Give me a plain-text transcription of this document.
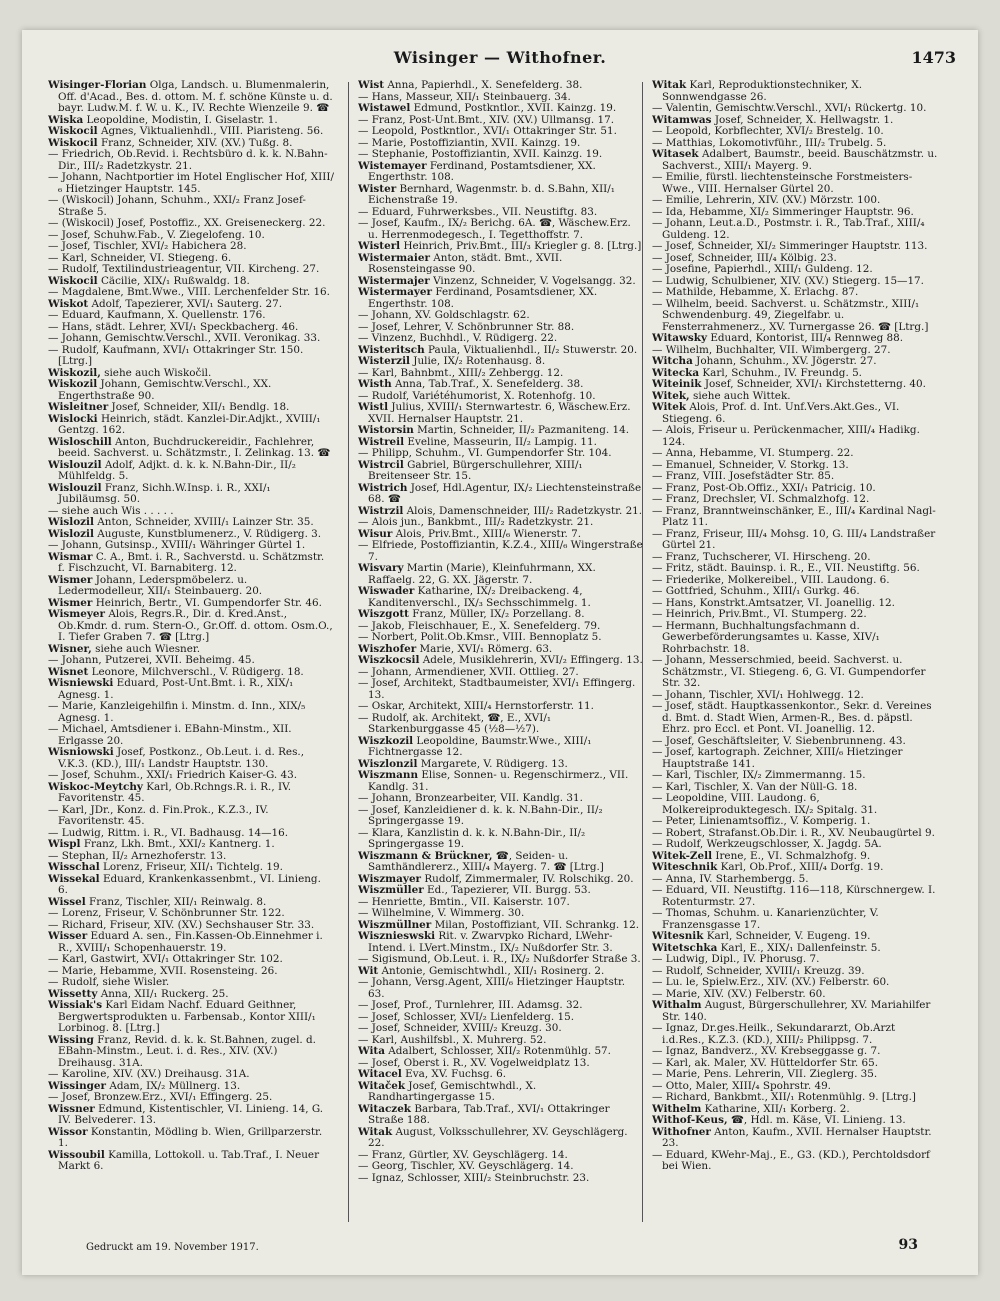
Wisinger — Withofner.	1473

Wisinger-Florian Olga, Landsch. u. Blumenmalerin, Off. d'Acad., Bes. d. ottom. M. f. schöne Künste u. d. bayr. Ludw.M. f. W. u. K., IV. Rechte Wienzeile 9. ☎

Wiska Leopoldine, Modistin, I. Giselastr. 1.

Wiskocil Agnes, Viktualienhdl., VIII. Piaristeng. 56.

Wiskocil Franz, Schneider, XIV. (XV.) Tußg. 8.

— Friedrich, Ob.Revid. i. Rechtsbüro d. k. k. N.Bahn-Dir., III/₂ Radetzkystr. 21.

— Johann, Nachtportier im Hotel Englischer Hof, XIII/₆ Hietzinger Hauptstr. 145.

— (Wiskocil) Johann, Schuhm., XXI/₂ Franz Josef-Straße 5.

— (Wiskocil) Josef, Postoffiz., XX. Greiseneckerg. 22.

— Josef, Schuhw.Fab., V. Ziegelofeng. 10.

— Josef, Tischler, XVI/₂ Habichera 28.

— Karl, Schneider, VI. Stiegeng. 6.

— Rudolf, Textilindustrieagentur, VII. Kircheng. 27.

Wiskocil Cäcilie, XIX/₁ Rußwaldg. 18.

— Magdalene, Bmt.Wwe., VIII. Lerchenfelder Str. 16.

Wiskot Adolf, Tapezierer, XVI/₁ Sauterg. 27.

— Eduard, Kaufmann, X. Quellenstr. 176.

— Hans, städt. Lehrer, XVI/₁ Speckbacherg. 46.

— Johann, Gemischtw.Verschl., XVII. Veronikag. 33.

— Rudolf, Kaufmann, XVI/₁ Ottakringer Str. 150. [Ltrg.]

Wiskozil, siehe auch Wiskočil.

Wiskozil Johann, Gemischtw.Verschl., XX. Engerthstraße 90.

Wisleitner Josef, Schneider, XII/₁ Bendlg. 18.

Wislocki Heinrich, städt. Kanzlei-Dir.Adjkt., XVIII/₁ Gentzg. 162.

Wisloschill Anton, Buchdruckereidir., Fachlehrer, beeid. Sachverst. u. Schätzmstr., I. Zelinkag. 13. ☎

Wislouzil Adolf, Adjkt. d. k. k. N.Bahn-Dir., II/₂ Mühlfeldg. 5.

Wislouzil Franz, Sichh.W.Insp. i. R., XXI/₁ Jubiläumsg. 50.

— siehe auch Wis . . . . .

Wislozil Anton, Schneider, XVIII/₁ Lainzer Str. 35.

Wislozil Auguste, Kunstblumenerz., V. Rüdigerg. 3.

— Johann, Gutsinsp., XVIII/₁ Währinger Gürtel 1.

Wismar C. A., Bmt. i. R., Sachverstd. u. Schätzmstr. f. Fischzucht, VI. Barnabiterg. 12.

Wismer Johann, Lederspmöbelerz. u. Ledermodelleur, XII/₁ Steinbauerg. 20.

Wismer Heinrich, Bertr., VI. Gumpendorfer Str. 46.

Wismeyer Alois, Regrs.R., Dir. d. Kred.Anst., Ob.Kmdr. d. rum. Stern-O., Gr.Off. d. ottom. Osm.O., I. Tiefer Graben 7. ☎ [Ltrg.]

Wisner, siehe auch Wiesner.

— Johann, Putzerei, XVII. Beheimg. 45.

Wisnet Leonore, Milchverschl., V. Rüdigerg. 18.

Wisniewski Eduard, Post-Unt.Bmt. i. R., XIX/₁ Agnesg. 1.

— Marie, Kanzleigehilfin i. Minstm. d. Inn., XIX/₅ Agnesg. 1.

— Michael, Amtsdiener i. EBahn-Minstm., XII. Erlgasse 20.

Wisniowski Josef, Postkonz., Ob.Leut. i. d. Res., V.K.3. (KD.), III/₁ Landstr Hauptstr. 130.

— Josef, Schuhm., XXI/₁ Friedrich Kaiser-G. 43.

Wiskoc-Meytchy Karl, Ob.Rchngs.R. i. R., IV. Favoritenstr. 45.

— Karl, JDr., Konz. d. Fin.Prok., K.Z.3., IV. Favoritenstr. 45.

— Ludwig, Rittm. i. R., VI. Badhausg. 14—16.

Wispl Franz, Lkh. Bmt., XXI/₂ Kantnerg. 1.

— Stephan, II/₂ Arnezhoferstr. 13.

Wisschal Lorenz, Friseur, XII/₁ Tichtelg. 19.

Wissekal Eduard, Krankenkassenbmt., VI. Linieng. 6.

Wissel Franz, Tischler, XII/₁ Reinwalg. 8.

— Lorenz, Friseur, V. Schönbrunner Str. 122.

— Richard, Friseur, XIV. (XV.) Sechshauser Str. 33.

Wisser Eduard A. sen., Fin.Kassen-Ob.Einnehmer i. R., XVIII/₁ Schopenhauerstr. 19.

— Karl, Gastwirt, XVI/₁ Ottakringer Str. 102.

— Marie, Hebamme, XVII. Rosensteing. 26.

— Rudolf, siehe Wisler.

Wissetty Anna, XII/₁ Ruckerg. 25.

Wissiak's Karl Eidam Nachf. Eduard Geithner, Bergwertsprodukten u. Farbensab., Kontor XIII/₁ Lorbinog. 8. [Ltrg.]

Wissing Franz, Revid. d. k. k. St.Bahnen, zugel. d. EBahn-Minstm., Leut. i. d. Res., XIV. (XV.) Dreihausg. 31A.

— Karoline, XIV. (XV.) Dreihausg. 31A.

Wissinger Adam, IX/₂ Müllnerg. 13.

— Josef, Bronzew.Erz., XVI/₁ Effingerg. 25.

Wissner Edmund, Kistentischler, VI. Linieng. 14, G. IV. Belvederег. 13.

Wissor Konstantin, Mödling b. Wien, Grillparzerstr. 1.

Wissoubil Kamilla, Lottokoll. u. Tab.Traf., I. Neuer Markt 6.

Wist Anna, Papierhdl., X. Senefelderg. 38.

— Hans, Masseur, XII/₁ Steinbauerg. 34.

Wistawel Edmund, Postkntlor., XVII. Kainzg. 19.

— Franz, Post-Unt.Bmt., XIV. (XV.) Ullmansg. 17.

— Leopold, Postkntlor., XVI/₁ Ottakringer Str. 51.

— Marie, Postoffiziantin, XVII. Kainzg. 19.

— Stephanie, Postoffiziantin, XVII. Kainzg. 19.

Wistemayer Ferdinand, Postamtsdiener, XX. Engerthstr. 108.

Wister Bernhard, Wagenmstr. b. d. S.Bahn, XII/₁ Eichenstraße 19.

— Eduard, Fuhrwerksbes., VII. Neustiftg. 83.

— Josef, Kaufm., IX/₂ Berichg. 6A. ☎, Wäschew.Erz. u. Herrenmodegesch., I. Tegetthoffstr. 7.

Wisterl Heinrich, Priv.Bmt., III/₃ Kriegler g. 8. [Ltrg.]

Wistermaier Anton, städt. Bmt., XVII. Rosensteingasse 90.

Wistermajer Vinzenz, Schneider, V. Vogelsangg. 32.

Wistermayer Ferdinand, Posamtsdiener, XX. Engerthstr. 108.

— Johann, XV. Goldschlagstr. 62.

— Josef, Lehrer, V. Schönbrunner Str. 88.

— Vinzenz, Buchhdl., V. Rüdigerg. 22.

Wisteritsch Paula, Viktualienhdl., II/₂ Stuwerstr. 20.

Wisterzil Julie, IX/₂ Rotenhausg. 8.

— Karl, Bahnbmt., XIII/₂ Zehbergg. 12.

Wisth Anna, Tab.Traf., X. Senefelderg. 38.

— Rudolf, Variétéhumorist, X. Rotenhofg. 10.

Wistl Julius, XVIII/₁ Sternwartestr. 6, Wäschew.Erz. XVII. Hernalser Hauptstr. 21.

Wistorsin Martin, Schneider, II/₂ Pazmaniteng. 14.

Wistreil Eveline, Masseurin, II/₂ Lampig. 11.

— Philipp, Schuhm., VI. Gumpendorfer Str. 104.

Wistrcil Gabriel, Bürgerschullehrer, XIII/₁ Breitenseer Str. 15.

Wistrich Josef, Hdl.Agentur, IX/₂ Liechtensteinstraße 68. ☎

Wistrzil Alois, Damenschneider, III/₂ Radetzkystr. 21.

— Alois jun., Bankbmt., III/₂ Radetzkystr. 21.

Wisur Alois, Priv.Bmt., XIII/₆ Wienerstr. 7.

— Elfriede, Postoffiziantin, K.Z.4., XIII/₆ Wingerstraße 7.

Wisvary Martin (Marie), Kleinfuhrmann, XX. Raffaelg. 22, G. XX. Jägerstr. 7.

Wiswader Katharine, IX/₂ Dreibackeng. 4, Kanditenverschl., IX/₃ Sechsschimmelg. 1.

Wiszgott Franz, Müller, IX/₂ Porzellang. 8.

— Jakob, Fleischhauer, E., X. Senefelderg. 79.

— Norbert, Polit.Ob.Kmsr., VIII. Bennoplatz 5.

Wiszhofer Marie, XVI/₁ Römerg. 63.

Wiszkocsil Adele, Musiklehrerin, XVI/₂ Effingerg. 13.

— Johann, Armendiener, XVII. Ottlieg. 27.

— Josef, Architekt, Stadtbaumeister, XVI/₁ Effingerg. 13.

— Oskar, Architekt, XIII/₄ Hernstorferstr. 11.

— Rudolf, ak. Architekt, ☎, E., XVI/₁ Starkenburggasse 45 (½8—½7).

Wiszkozil Leopoldine, Baumstr.Wwe., XIII/₁ Fichtnergasse 12.

Wiszlonzil Margarete, V. Rüdigerg. 13.

Wiszmann Elise, Sonnen- u. Regenschirmerz., VII. Kandlg. 31.

— Johann, Bronzearbeiter, VII. Kandlg. 31.

— Josef, Kanzleidiener d. k. k. N.Bahn-Dir., II/₂ Springergasse 19.

— Klara, Kanzlistin d. k. k. N.Bahn-Dir., II/₂ Springergasse 19.

Wiszmann & Brückner, ☎, Seiden- u. Samthändlererz., XIII/₄ Mayerg. 7. ☎ [Ltrg.]

Wiszmayer Rudolf, Zimmermaler, IV. Rolschikg. 20.

Wiszmüller Ed., Tapezierer, VII. Burgg. 53.

— Henriette, Bmtin., VII. Kaiserstr. 107.

— Wilhelmine, V. Wimmerg. 30.

Wiszmüllner Milan, Postoffiziant, VII. Schrankg. 12.

Wisznieswski Rit. v. Zwarvpko Richard, LWehr-Intend. i. LVert.Minstm., IX/₂ Nußdorfer Str. 3.

— Sigismund, Ob.Leut. i. R., IX/₂ Nußdorfer Straße 3.

Wit Antonie, Gemischtwhdl., XII/₁ Rosinerg. 2.

— Johann, Versg.Agent, XIII/₆ Hietzinger Hauptstr. 63.

— Josef, Prof., Turnlehrer, III. Adamsg. 32.

— Josef, Schlosser, XVI/₂ Lienfelderg. 15.

— Josef, Schneider, XVIII/₂ Kreuzg. 30.

— Karl, Aushilfsbl., X. Muhrerg. 52.

Wita Adalbert, Schlosser, XII/₂ Rotenmühlg. 57.

— Josef, Oberst i. R., XV. Vogelweidplatz 13.

Witacel Eva, XV. Fuchsg. 6.

Witaček Josef, Gemischtwhdl., X. Randhartingergasse 15.

Witaczek Barbara, Tab.Traf., XVI/₁ Ottakringer Straße 188.

Witak August, Volksschullehrer, XV. Geyschlägerg. 22.

— Franz, Gürtler, XV. Geyschlägerg. 14.

— Georg, Tischler, XV. Geyschlägerg. 14.

— Ignaz, Schlosser, XIII/₂ Steinbruchstr. 23.

Witak Karl, Reproduktionstechniker, X. Sonnwendgasse 26.

— Valentin, Gemischtw.Verschl., XVI/₁ Rückertg. 10.

Witamwas Josef, Schneider, X. Hellwagstr. 1.

— Leopold, Korbflechter, XVI/₂ Brestelg. 10.

— Matthias, Lokomotivführ., III/₂ Trubelg. 5.

Witasek Adalbert, Baumstr., beeid. Bauschätzmstr. u. Sachverst., XIII/₁ Mayerg. 9.

— Emilie, fürstl. liechtensteinsche Forstmeisters-Wwe., VIII. Hernalser Gürtel 20.

— Emilie, Lehrerin, XIV. (XV.) Mörzstr. 100.

— Ida, Hebamme, XI/₂ Simmeringer Hauptstr. 96.

— Johann, Leut.a.D., Postmstr. i. R., Tab.Traf., XIII/₄ Guldeng. 12.

— Josef, Schneider, XI/₂ Simmeringer Hauptstr. 113.

— Josef, Schneider, III/₄ Kölbig. 23.

— Josefine, Papierhdl., XIII/₁ Guldeng. 12.

— Ludwig, Schulbiener, XIV. (XV.) Stiegerg. 15—17.

— Mathilde, Hebamme, X. Erlachg. 87.

— Wilhelm, beeid. Sachverst. u. Schätzmstr., XIII/₁ Schwendenburg. 49, Ziegelfabr. u. Fensterrahmenerz., XV. Turnergasse 26. ☎ [Ltrg.]

Witawsky Eduard, Kontorist, III/₄ Rennweg 88.

— Wilhelm, Buchhalter, VII. Wimbergerg. 27.

Witcha Johann, Schuhm., XV. Jögerstr. 27.

Witecka Karl, Schuhm., IV. Freundg. 5.

Witeinik Josef, Schneider, XVI/₁ Kirchstetterng. 40.

Witek, siehe auch Wittek.

Witek Alois, Prof. d. Int. Unf.Vers.Akt.Ges., VI. Stiegeng. 6.

— Alois, Friseur u. Perückenmacher, XIII/₄ Hadikg. 124.

— Anna, Hebamme, VI. Stumperg. 22.

— Emanuel, Schneider, V. Storkg. 13.

— Franz, VIII. Josefstädter Str. 85.

— Franz, Post-Ob.Offiz., XXI/₁ Patricig. 10.

— Franz, Drechsler, VI. Schmalzhofg. 12.

— Franz, Branntweinschänker, E., III/₄ Kardinal Nagl-Platz 11.

— Franz, Friseur, III/₄ Mohsg. 10, G. III/₄ Landstraßer Gürtel 21.

— Franz, Tuchscherer, VI. Hirscheng. 20.

— Fritz, städt. Bauinsp. i. R., E., VII. Neustiftg. 56.

— Friederike, Molkereibel., VIII. Laudong. 6.

— Gottfried, Schuhm., XIII/₁ Gurkg. 46.

— Hans, Konstrkt.Amtsatzer, VI. Joanellig. 12.

— Heinrich, Priv.Bmt., VI. Stumperg. 22.

— Hermann, Buchhaltungsfachmann d. Gewerbeförderungsamtes u. Kasse, XIV/₁ Rohrbachstr. 18.

— Johann, Messerschmied, beeid. Sachverst. u. Schätzmstr., VI. Stiegeng. 6, G. VI. Gumpendorfer Str. 32.

— Johann, Tischler, XVI/₁ Hohlwegg. 12.

— Josef, städt. Hauptkassenkontor., Sekr. d. Vereines d. Bmt. d. Stadt Wien, Armen-R., Bes. d. päpstl. Ehrz. pro Eccl. et Pont. VI. Joanellig. 12.

— Josef, Geschäftsleiter, V. Siebenbrunneng. 43.

— Josef, kartograph. Zeichner, XIII/₆ Hietzinger Hauptstraße 141.

— Karl, Tischler, IX/₂ Zimmermanng. 15.

— Karl, Tischler, X. Van der Nüll-G. 18.

— Leopoldine, VIII. Laudong. 6, Molkereiproduktegesch. IX/₂ Spitalg. 31.

— Peter, Linienamtsoffiz., V. Komperig. 1.

— Robert, Strafanst.Ob.Dir. i. R., XV. Neubaugürtel 9.

— Rudolf, Werkzeugschlosser, X. Jagdg. 5A.

Witek-Zell Irene, E., VI. Schmalzhofg. 9.

Witeschnik Karl, Ob.Prof., XIII/₄ Dorfg. 19.

— Anna, IV. Starhembergg. 5.

— Eduard, VII. Neustiftg. 116—118, Kürschnergew. I. Rotenturmstr. 27.

— Thomas, Schuhm. u. Kanarienzüchter, V. Franzensgasse 17.

Witesnik Karl, Schneider, V. Eugeng. 19.

Witetschka Karl, E., XIX/₁ Dallenfeinstr. 5.

— Ludwig, Dipl., IV. Phorusg. 7.

— Rudolf, Schneider, XVIII/₁ Kreuzg. 39.

— Lu. le, Spielw.Erz., XIV. (XV.) Felberstr. 60.

— Marie, XIV. (XV.) Felberstr. 60.

Withalm August, Bürgerschullehrer, XV. Mariahilfer Str. 140.

— Ignaz, Dr.ges.Heilk., Sekundararzt, Ob.Arzt i.d.Res., K.Z.3. (KD.), XIII/₂ Philippsg. 7.

— Ignaz, Bandverz., XV. Krebseggasse g. 7.

— Karl, ak. Maler, XV. Hütteldorfer Str. 65.

— Marie, Pens. Lehrerin, VII. Zieglerg. 35.

— Otto, Maler, XIII/₄ Spohrstr. 49.

— Richard, Bankbmt., XII/₁ Rotenmühlg. 9. [Ltrg.]

Withelm Katharine, XII/₁ Korberg. 2.

Withof-Keus, ☎, Hdl. m. Käse, VI. Linieng. 13.

Withofner Anton, Kaufm., XVII. Hernalser Hauptstr. 23.

— Eduard, KWehr-Maj., E., G3. (KD.), Perchtoldsdorf bei Wien.

Gedruckt am 19. November 1917.	93
